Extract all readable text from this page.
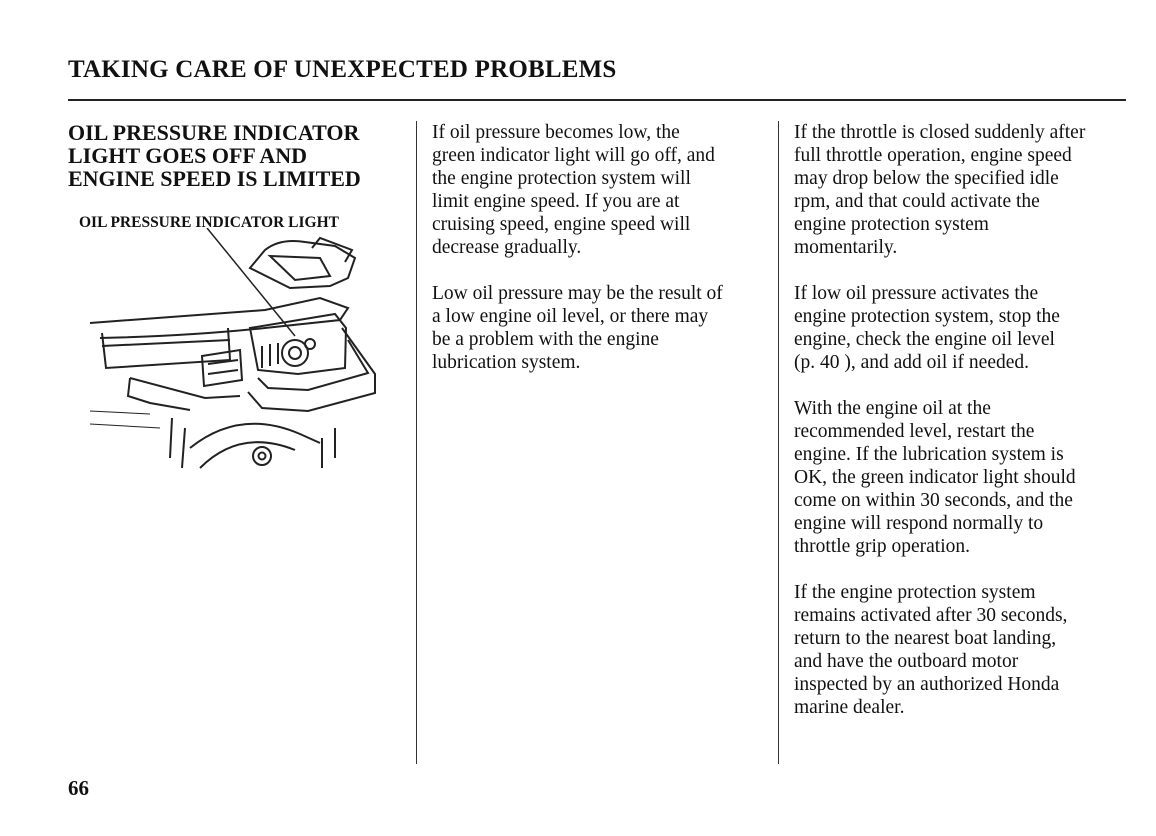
TAKING CARE OF UNEXPECTED PROBLEMS
OIL PRESSURE INDICATOR
LIGHT GOES OFF AND
ENGINE SPEED IS LIMITED
OIL PRESSURE INDICATOR LIGHT

If oil pressure becomes low, the
green indicator light will go off, and
the engine protection system will
limit engine speed. If you are at
cruising speed, engine speed will
decrease gradually.

Low oil pressure may be the result of
a low engine oil level, or there may
be a problem with the engine
lubrication system.

If the throttle is closed suddenly after
full throttle operation, engine speed
may drop below the specified idle
rpm, and that could activate the
engine protection system
momentarily.

If low oil pressure activates the
engine protection system, stop the
engine, check the engine oil level
(p. 40 ), and add oil if needed.

With the engine oil at the
recommended level, restart the
engine. If the lubrication system is
OK, the green indicator light should
come on within 30 seconds, and the
engine will respond normally to
throttle grip operation.

If the engine protection system
remains activated after 30 seconds,
return to the nearest boat landing,
and have the outboard motor
inspected by an authorized Honda
marine dealer.

66
